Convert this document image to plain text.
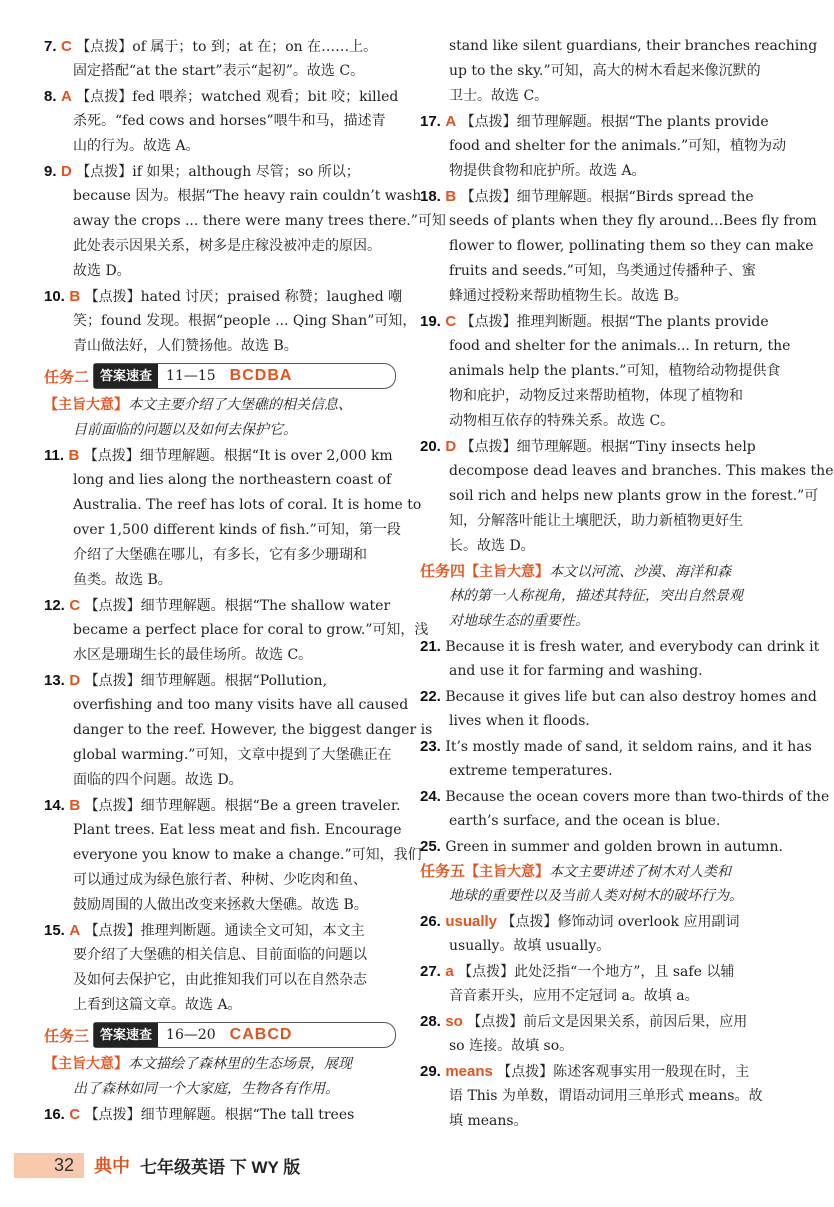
7. C 【点拨】of 属于；to 到；at 在；on 在……上。
固定搭配“at the start”表示“起初”。故选 C。
8. A 【点拨】fed 喂养；watched 观看；bit 咬；killed
杀死。“fed cows and horses”喂牛和马，描述青
山的行为。故选 A。
9. D 【点拨】if 如果；although 尽管；so 所以；
because 因为。根据“The heavy rain couldn’t wash
away the crops ... there were many trees there.”可知
此处表示因果关系，树多是庄稼没被冲走的原因。
故选 D。
10. B 【点拨】hated 讨厌；praised 称赞；laughed 嘲
笑；found 发现。根据“people ... Qing Shan”可知，
青山做法好，人们赞扬他。故选 B。
任务二 答案速查	11—15 BCDBA
【主旨大意】本文主要介绍了大堡礁的相关信息、
目前面临的问题以及如何去保护它。
11. B 【点拨】细节理解题。根据“It is over 2,000 km
long and lies along the northeastern coast of
Australia. The reef has lots of coral. It is home to
over 1,500 different kinds of fish.”可知，第一段
介绍了大堡礁在哪儿，有多长，它有多少珊瑚和
鱼类。故选 B。
12. C 【点拨】细节理解题。根据“The shallow water
became a perfect place for coral to grow.”可知，浅
水区是珊瑚生长的最佳场所。故选 C。
13. D 【点拨】细节理解题。根据“Pollution,
overfishing and too many visits have all caused
danger to the reef. However, the biggest danger is
global warming.”可知，文章中提到了大堡礁正在
面临的四个问题。故选 D。
14. B 【点拨】细节理解题。根据“Be a green traveler.
Plant trees. Eat less meat and fish. Encourage
everyone you know to make a change.”可知，我们
可以通过成为绿色旅行者、种树、少吃肉和鱼、
鼓励周围的人做出改变来拯救大堡礁。故选 B。
15. A 【点拨】推理判断题。通读全文可知，本文主
要介绍了大堡礁的相关信息、目前面临的问题以
及如何去保护它，由此推知我们可以在自然杂志
上看到这篇文章。故选 A。
任务三 答案速查	16—20 CABCD
【主旨大意】本文描绘了森林里的生态场景，展现
出了森林如同一个大家庭，生物各有作用。
16. C 【点拨】细节理解题。根据“The tall trees
stand like silent guardians, their branches reaching
up to the sky.”可知，高大的树木看起来像沉默的
卫士。故选 C。
17. A 【点拨】细节理解题。根据“The plants provide
food and shelter for the animals.”可知，植物为动
物提供食物和庇护所。故选 A。
18. B 【点拨】细节理解题。根据“Birds spread the
seeds of plants when they fly around...Bees fly from
flower to flower, pollinating them so they can make
fruits and seeds.”可知，鸟类通过传播种子、蜜
蜂通过授粉来帮助植物生长。故选 B。
19. C 【点拨】推理判断题。根据“The plants provide
food and shelter for the animals... In return, the
animals help the plants.”可知，植物给动物提供食
物和庇护，动物反过来帮助植物，体现了植物和
动物相互依存的特殊关系。故选 C。
20. D 【点拨】细节理解题。根据“Tiny insects help
decompose dead leaves and branches. This makes the
soil rich and helps new plants grow in the forest.”可
知，分解落叶能让土壤肥沃，助力新植物更好生
长。故选 D。
任务四【主旨大意】本文以河流、沙漠、海洋和森
林的第一人称视角，描述其特征，突出自然景观
对地球生态的重要性。
21. Because it is fresh water, and everybody can drink it
and use it for farming and washing.
22. Because it gives life but can also destroy homes and
lives when it floods.
23. It’s mostly made of sand, it seldom rains, and it has
extreme temperatures.
24. Because the ocean covers more than two-thirds of the
earth’s surface, and the ocean is blue.
25. Green in summer and golden brown in autumn.
任务五【主旨大意】本文主要讲述了树木对人类和
地球的重要性以及当前人类对树木的破坏行为。
26. usually 【点拨】修饰动词 overlook 应用副词
usually。故填 usually。
27. a 【点拨】此处泛指“一个地方”，且 safe 以辅
音音素开头，应用不定冠词 a。故填 a。
28. so 【点拨】前后文是因果关系，前因后果，应用
so 连接。故填 so。
29. means 【点拨】陈述客观事实用一般现在时，主
语 This 为单数，谓语动词用三单形式 means。故
填 means。
32	典中 七年级英语 下 WY 版
